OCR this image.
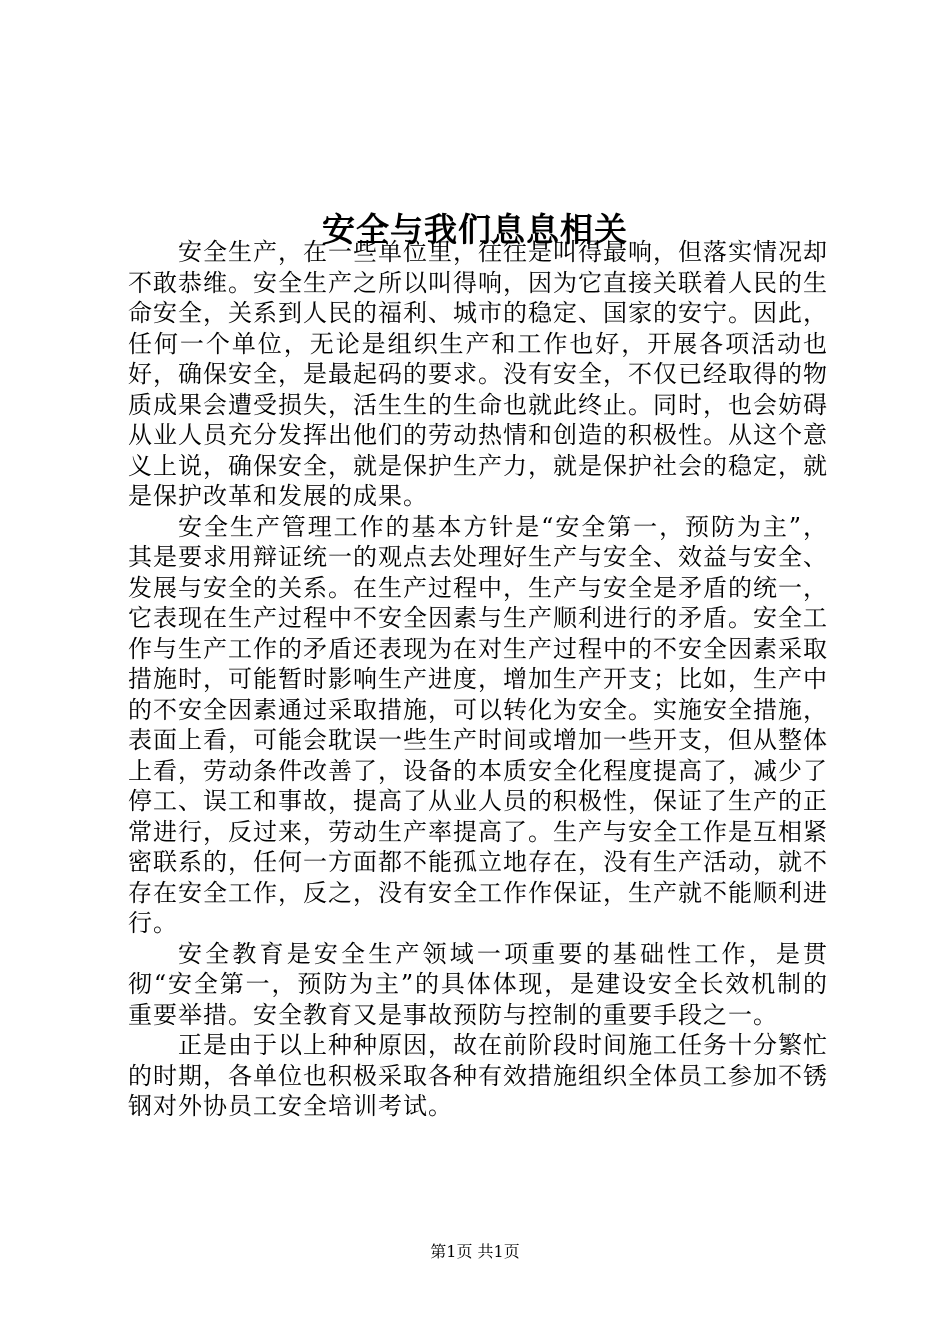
安全与我们息息相关

安全生产，在一些单位里，往往是叫得最响，但落实情况却不敢恭维。安全生产之所以叫得响，因为它直接关联着人民的生命安全，关系到人民的福利、城市的稳定、国家的安宁。因此，任何一个单位，无论是组织生产和工作也好，开展各项活动也好，确保安全，是最起码的要求。没有安全，不仅已经取得的物质成果会遭受损失，活生生的生命也就此终止。同时，也会妨碍从业人员充分发挥出他们的劳动热情和创造的积极性。从这个意义上说，确保安全，就是保护生产力，就是保护社会的稳定，就是保护改革和发展的成果。

安全生产管理工作的基本方针是“安全第一，预防为主”，其是要求用辩证统一的观点去处理好生产与安全、效益与安全、发展与安全的关系。在生产过程中，生产与安全是矛盾的统一，它表现在生产过程中不安全因素与生产顺利进行的矛盾。安全工作与生产工作的矛盾还表现为在对生产过程中的不安全因素采取措施时，可能暂时影响生产进度，增加生产开支；比如，生产中的不安全因素通过采取措施，可以转化为安全。实施安全措施，表面上看，可能会耽误一些生产时间或增加一些开支，但从整体上看，劳动条件改善了，设备的本质安全化程度提高了，减少了停工、误工和事故，提高了从业人员的积极性，保证了生产的正常进行，反过来，劳动生产率提高了。生产与安全工作是互相紧密联系的，任何一方面都不能孤立地存在，没有生产活动，就不存在安全工作，反之，没有安全工作作保证，生产就不能顺利进行。

安全教育是安全生产领域一项重要的基础性工作，是贯彻“安全第一，预防为主”的具体体现，是建设安全长效机制的重要举措。安全教育又是事故预防与控制的重要手段之一。

正是由于以上种种原因，故在前阶段时间施工任务十分繁忙的时期，各单位也积极采取各种有效措施组织全体员工参加不锈钢对外协员工安全培训考试。

第1页 共1页
